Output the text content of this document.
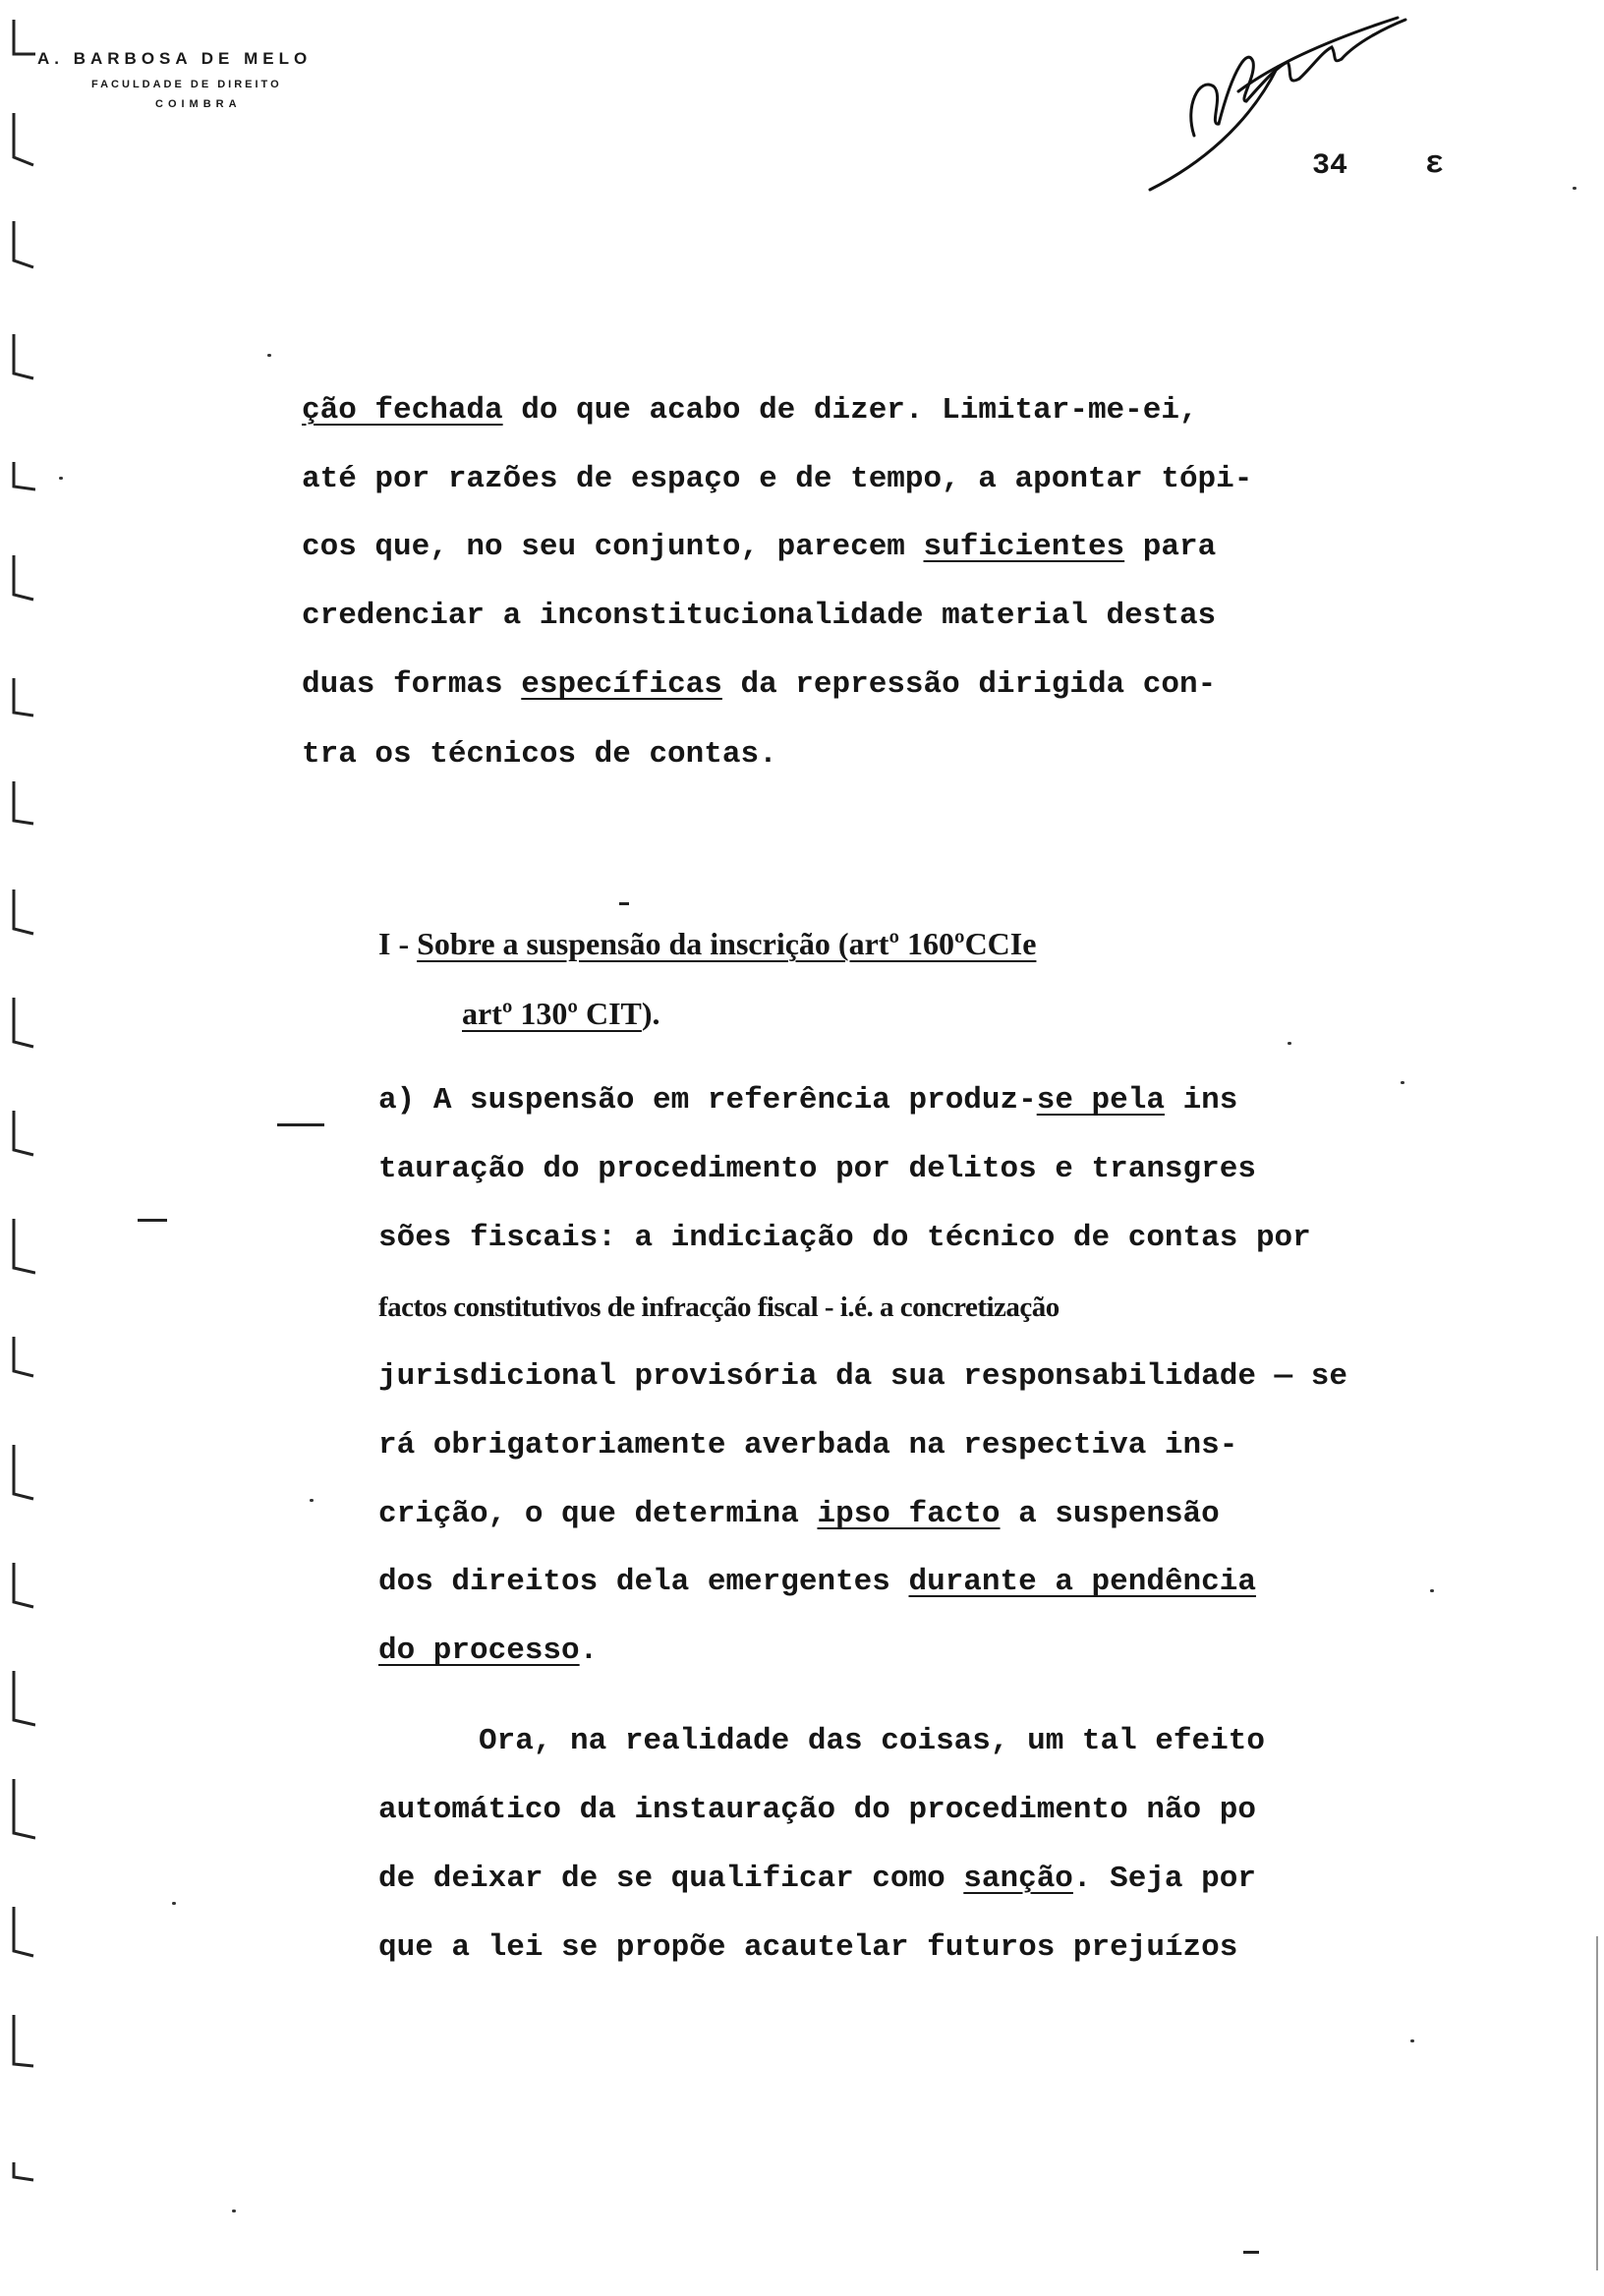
A. BARBOSA DE MELO
FACULDADE DE DIREITO
COIMBRA
34 ε
ção fechada do que acabo de dizer. Limitar-me-ei,
até por razões de espaço e de tempo, a apontar tópi-
cos que, no seu conjunto, parecem suficientes para
credenciar a inconstitucionalidade material destas
duas formas específicas da repressão dirigida con-
tra os técnicos de contas.
I - Sobre a suspensão da inscrição (artº 160ºCCIe
artº 130º CIT).
a) A suspensão em referência produz-se pela ins
tauração do procedimento por delitos e transgres
sões fiscais: a indiciação do técnico de contas por
factos constitutivos de infracção fiscal - i.é. a concretização
jurisdicional provisória da sua responsabilidade — se
rá obrigatoriamente averbada na respectiva ins-
crição, o que determina ipso facto a suspensão
dos direitos dela emergentes durante a pendência
do processo.
Ora, na realidade das coisas, um tal efeito
automático da instauração do procedimento não po
de deixar de se qualificar como sanção. Seja por
que a lei se propõe acautelar futuros prejuízos
